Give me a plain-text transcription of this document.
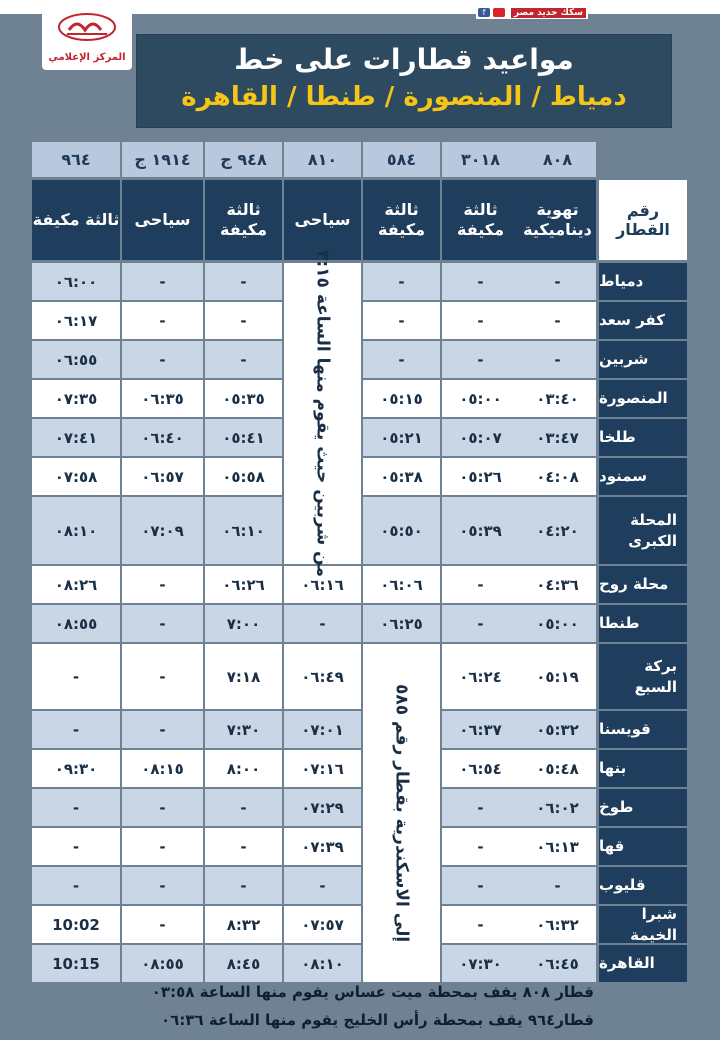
سكك حديد مصر
f
المركز الإعلامي	مواعيد قطارات على خط
دمياط / المنصورة / طنطا / القاهرة
رقم القطار
٨٠٨
تهوية ديناميكية
٣٠١٨
ثالثة مكيفة
٥٨٤
ثالثة مكيفة
٨١٠
سياحى
٩٤٨ ج
ثالثة مكيفة
١٩١٤ ج
سياحى
٩٦٤
ثالثة مكيفة
دمياط
-
-
-
-
-
٠٦:٠٠
كفر سعد
-
-
-
-
-
٠٦:١٧
شربين
-
-
-
-
-
٠٦:٥٥
المنصورة
٠٣:٤٠
٠٥:٠٠
٠٥:١٥
٠٥:٣٥
٠٦:٣٥
٠٧:٣٥
طلخا
٠٣:٤٧
٠٥:٠٧
٠٥:٢١
٠٥:٤١
٠٦:٤٠
٠٧:٤١
سمنود
٠٤:٠٨
٠٥:٢٦
٠٥:٣٨
٠٥:٥٨
٠٦:٥٧
٠٧:٥٨
المحلة الكبرى
٠٤:٢٠
٠٥:٣٩
٠٥:٥٠
٠٦:١٠
٠٧:٠٩
٠٨:١٠
محلة روح
٠٤:٣٦
-
٠٦:٠٦
٠٦:١٦
٠٦:٢٦
-
٠٨:٢٦
طنطا
٠٥:٠٠
-
٠٦:٢٥
-
٧:٠٠
-
٠٨:٥٥
بركة السبع
٠٥:١٩
٠٦:٢٤
٠٦:٤٩
٧:١٨
-
-
قويسنا
٠٥:٣٢
٠٦:٣٧
٠٧:٠١
٧:٣٠
-
-
بنها
٠٥:٤٨
٠٦:٥٤
٠٧:١٦
٨:٠٠
٠٨:١٥
٠٩:٣٠
طوخ
٠٦:٠٢
-
٠٧:٢٩
-
-
-
قها
٠٦:١٣
-
٠٧:٣٩
-
-
-
قليوب
-
-
-
-
-
-
شبرا الخيمة
٠٦:٣٢
-
٠٧:٥٧
٨:٣٢
-
10:02
القاهرة
٠٦:٤٥
٠٧:٣٠
٠٨:١٠
٨:٤٥
٠٨:٥٥
10:15
من شربين حيث يقوم منها الساعة ٣:١٥
إلى الاسكندرية بقطار رقم ٥٨٥
قطار ٨٠٨ يقف بمحطة ميت عساس يقوم منها الساعة ٠٣:٥٨
قطار٩٦٤ يقف بمحطة رأس الخليج يقوم منها الساعة ٠٦:٣٦
